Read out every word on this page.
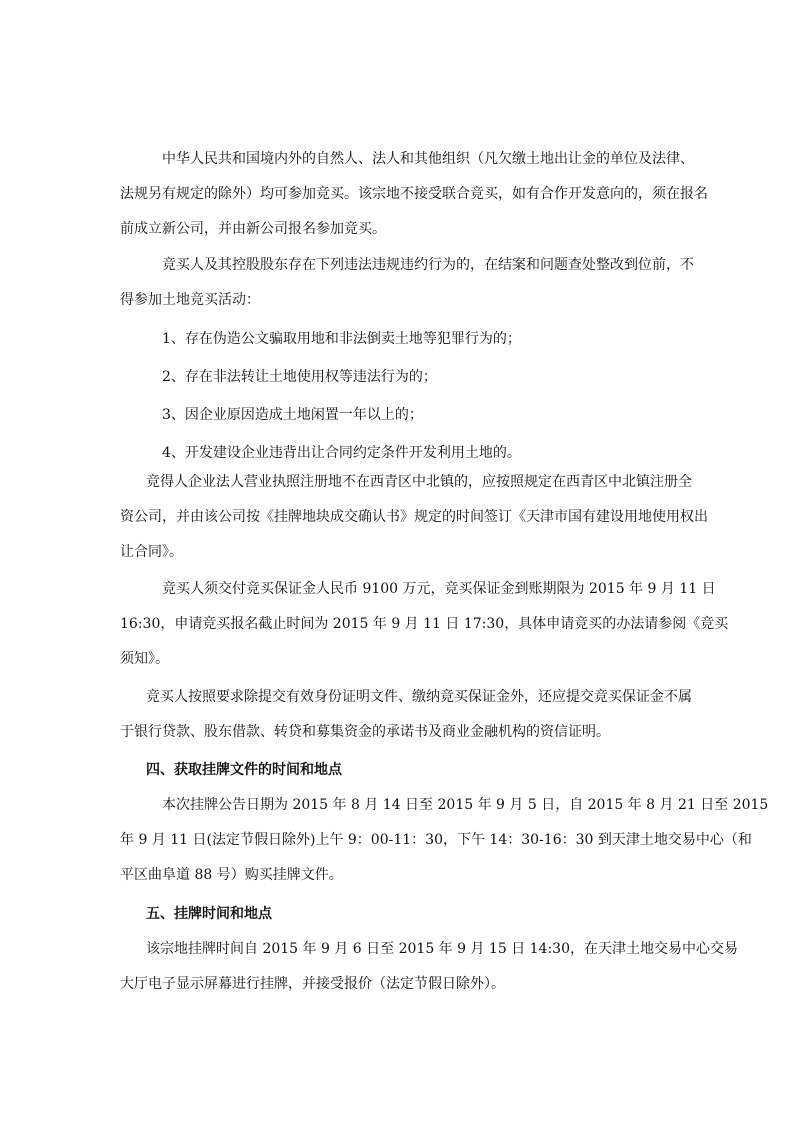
中华人民共和国境内外的自然人、法人和其他组织（凡欠缴土地出让金的单位及法律、
法规另有规定的除外）均可参加竞买。该宗地不接受联合竞买，如有合作开发意向的，须在报名
前成立新公司，并由新公司报名参加竞买。
竞买人及其控股股东存在下列违法违规违约行为的，在结案和问题查处整改到位前，不
得参加土地竞买活动：
1、存在伪造公文骗取用地和非法倒卖土地等犯罪行为的；
2、存在非法转让土地使用权等违法行为的；
3、因企业原因造成土地闲置一年以上的；
4、开发建设企业违背出让合同约定条件开发利用土地的。
竞得人企业法人营业执照注册地不在西青区中北镇的，应按照规定在西青区中北镇注册全
资公司，并由该公司按《挂牌地块成交确认书》规定的时间签订《天津市国有建设用地使用权出
让合同》。
竞买人须交付竞买保证金人民币 9100 万元，竞买保证金到账期限为 2015 年 9 月 11 日
16:30，申请竞买报名截止时间为 2015 年 9 月 11 日 17:30，具体申请竞买的办法请参阅《竞买
须知》。
竞买人按照要求除提交有效身份证明文件、缴纳竞买保证金外，还应提交竞买保证金不属
于银行贷款、股东借款、转贷和募集资金的承诺书及商业金融机构的资信证明。
四、获取挂牌文件的时间和地点
本次挂牌公告日期为 2015 年 8 月 14 日至 2015 年 9 月 5 日，自 2015 年 8 月 21 日至 2015
年 9 月 11 日(法定节假日除外)上午 9：00-11：30，下午 14：30-16：30 到天津土地交易中心（和
平区曲阜道 88 号）购买挂牌文件。
五、挂牌时间和地点
该宗地挂牌时间自 2015 年 9 月 6 日至 2015 年 9 月 15 日 14:30，在天津土地交易中心交易
大厅电子显示屏幕进行挂牌，并接受报价（法定节假日除外）。
